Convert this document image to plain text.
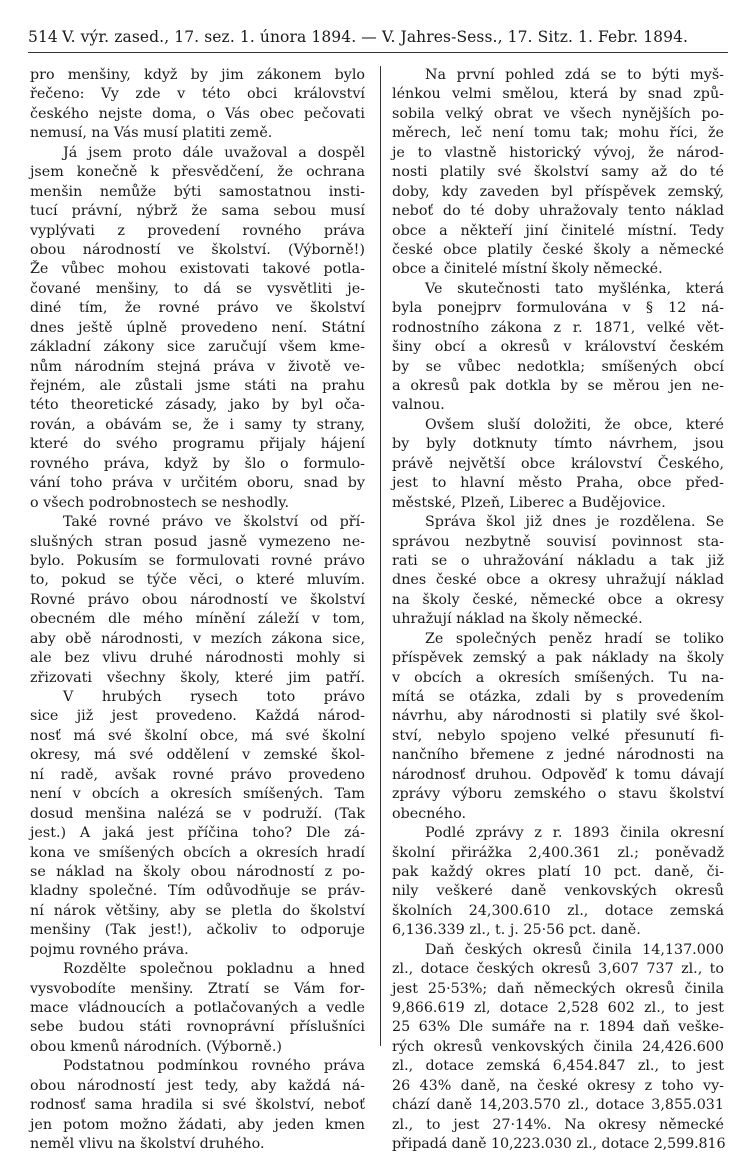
514 V. výr. zased., 17. sez. 1. února 1894. — V. Jahres-Sess., 17. Sitz. 1. Febr. 1894.
pro menšiny, když by jim zákonem bylo
řečeno: Vy zde v této obci království
českého nejste doma, o Vás obec pečovati
nemusí, na Vás musí platiti země.
Já jsem proto dále uvažoval a dospěl
jsem konečně k přesvědčení, že ochrana
menšin nemůže býti samostatnou insti-
tucí právní, nýbrž že sama sebou musí
vyplývati z provedení rovného práva
obou národností ve školství. (Výborně!)
Že vůbec mohou existovati takové potla-
čované menšiny, to dá se vysvětliti je-
diné tím, že rovné právo ve školství
dnes ještě úplně provedeno není. Státní
základní zákony sice zaručují všem kme-
nům národním stejná práva v životě ve-
řejném, ale zůstali jsme státi na prahu
této theoretické zásady, jako by byl oča-
rován, a obávám se, že i samy ty strany,
které do svého programu přijaly hájení
rovného práva, když by šlo o formulo-
vání toho práva v určitém oboru, snad by
o všech podrobnostech se neshodly.
Také rovné právo ve školství od pří-
slušných stran posud jasně vymezeno ne-
bylo. Pokusím se formulovati rovné právo
to, pokud se týče věci, o které mluvím.
Rovné právo obou národností ve školství
obecném dle mého mínění záleží v tom,
aby obě národnosti, v mezích zákona sice,
ale bez vlivu druhé národnosti mohly si
zřizovati všechny školy, které jim patří.
V hrubých rysech toto právo
sice již jest provedeno. Každá národ-
nosť má své školní obce, má své školní
okresy, má své oddělení v zemské škol-
ní radě, avšak rovné právo provedeno
není v obcích a okresích smíšených. Tam
dosud menšina nalézá se v podruží. (Tak
jest.) A jaká jest příčina toho? Dle zá-
kona ve smíšených obcích a okresích hradí
se náklad na školy obou národností z po-
kladny společné. Tím odůvodňuje se práv-
ní nárok většiny, aby se pletla do školství
menšiny (Tak jest!), ačkoliv to odporuje
pojmu rovného práva.
Rozdělte společnou pokladnu a hned
vysvobodíte menšiny. Ztratí se Vám for-
mace vládnoucích a potlačovaných a vedle
sebe budou státi rovnoprávní příslušníci
obou kmenů národních. (Výborně.)
Podstatnou podmínkou rovného práva
obou národností jest tedy, aby každá ná-
rodnosť sama hradila si své školství, neboť
jen potom možno žádati, aby jeden kmen
neměl vlivu na školství druhého.
Na první pohled zdá se to býti myš-
lénkou velmi smělou, která by snad způ-
sobila velký obrat ve všech nynějších po-
měrech, leč není tomu tak; mohu říci, že
je to vlastně historický vývoj, že národ-
nosti platily své školství samy až do té
doby, kdy zaveden byl příspěvek zemský,
neboť do té doby uhražovaly tento náklad
obce a někteří jiní činitelé místní. Tedy
české obce platily české školy a německé
obce a činitelé místní školy německé.
Ve skutečnosti tato myšlénka, která
byla ponejprv formulována v § 12 ná-
rodnostního zákona z r. 1871, velké vět-
šiny obcí a okresů v království českém
by se vůbec nedotkla; smíšených obcí
a okresů pak dotkla by se měrou jen ne-
valnou.
Ovšem sluší doložiti, že obce, které
by byly dotknuty tímto návrhem, jsou
právě největší obce království Českého,
jest to hlavní město Praha, obce před-
městské, Plzeň, Liberec a Budějovice.
Správa škol již dnes je rozdělena. Se
správou nezbytně souvisí povinnost sta-
rati se o uhražování nákladu a tak již
dnes české obce a okresy uhražují náklad
na školy české, německé obce a okresy
uhražují náklad na školy německé.
Ze společných peněz hradí se toliko
příspěvek zemský a pak náklady na školy
v obcích a okresích smíšených. Tu na-
mítá se otázka, zdali by s provedením
návrhu, aby národnosti si platily své škol-
ství, nebylo spojeno velké přesunutí fi-
nančního břemene z jedné národnosti na
národnosť druhou. Odpověď k tomu dávají
zprávy výboru zemského o stavu školství
obecného.
Podlé zprávy z r. 1893 činila okresní
školní přirážka 2,400.361 zl.; poněvadž
pak každý okres platí 10 pct. daně, či-
nily veškeré daně venkovských okresů
školních 24,300.610 zl., dotace zemská
6,136.339 zl., t. j. 25·56 pct. daně.
Daň českých okresů činila 14,137.000
zl., dotace českých okresů 3,607 737 zl., to
jest 25·53%; daň německých okresů činila
9,866.619 zl, dotace 2,528 602 zl., to jest
25 63% Dle sumáře na r. 1894 daň veške-
rých okresů venkovských činila 24,426.600
zl., dotace zemská 6,454.847 zl., to jest
26 43% daně, na české okresy z toho vy-
chází daně 14,203.570 zl., dotace 3,855.031
zl., to jest 27·14%. Na okresy německé
připadá daně 10,223.030 zl., dotace 2,599.816
